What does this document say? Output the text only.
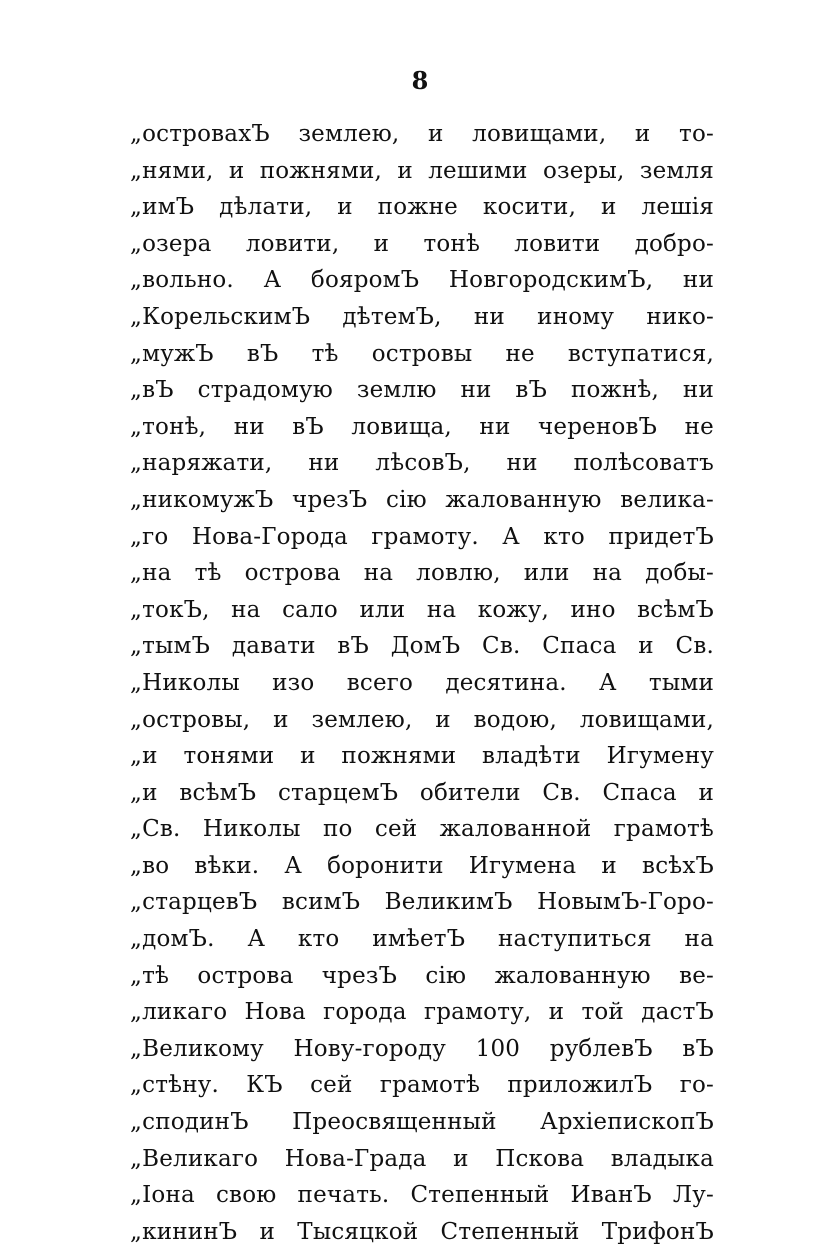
8
„островахЪ землею, и ловищами, и то-
„нями, и пожнями, и лешими озеры, земля
„имЪ дѣлати, и пожне косити, и лешія
„озера ловити, и тонѣ ловити добро-
„вольно. А бояромЪ НовгородскимЪ, ни
„КорельскимЪ дѣтемЪ, ни иному нико-
„мужЪ вЪ тѣ островы не вступатися,
„вЪ страдомую землю ни вЪ пожнѣ, ни
„тонѣ, ни вЪ ловища, ни череновЪ не
„наряжати, ни лѣсовЪ, ни полѣсоватъ
„никомужЪ чрезЪ сію жалованную велика-
„го Нова-Города грамоту. А кто придетЪ
„на тѣ острова на ловлю, или на добы-
„токЪ, на сало или на кожу, ино всѣмЪ
„тымЪ давати вЪ ДомЪ Св. Спаса и Св.
„Николы изо всего десятина. А тыми
„островы, и землею, и водою, ловищами,
„и тонями и пожнями владѣти Игумену
„и всѣмЪ старцемЪ обители Св. Спаса и
„Св. Николы по сей жалованной грамотѣ
„во вѣки. А боронити Игумена и всѣхЪ
„старцевЪ всимЪ ВеликимЪ НовымЪ-Горо-
„домЪ. А кто имѣетЪ наступиться на
„тѣ острова чрезЪ сію жалованную ве-
„ликаго Нова города грамоту, и той дастЪ
„Великому Нову-городу 100 рублевЪ вЪ
„стѣну. КЪ сей грамотѣ приложилЪ го-
„сподинЪ Преосвященный АрхіепископЪ
„Великаго Нова-Града и Пскова владыка
„Іона свою печать. Степенный ИванЪ Лу-
„кининЪ и Тысяцкой Степенный ТрифонЪ
